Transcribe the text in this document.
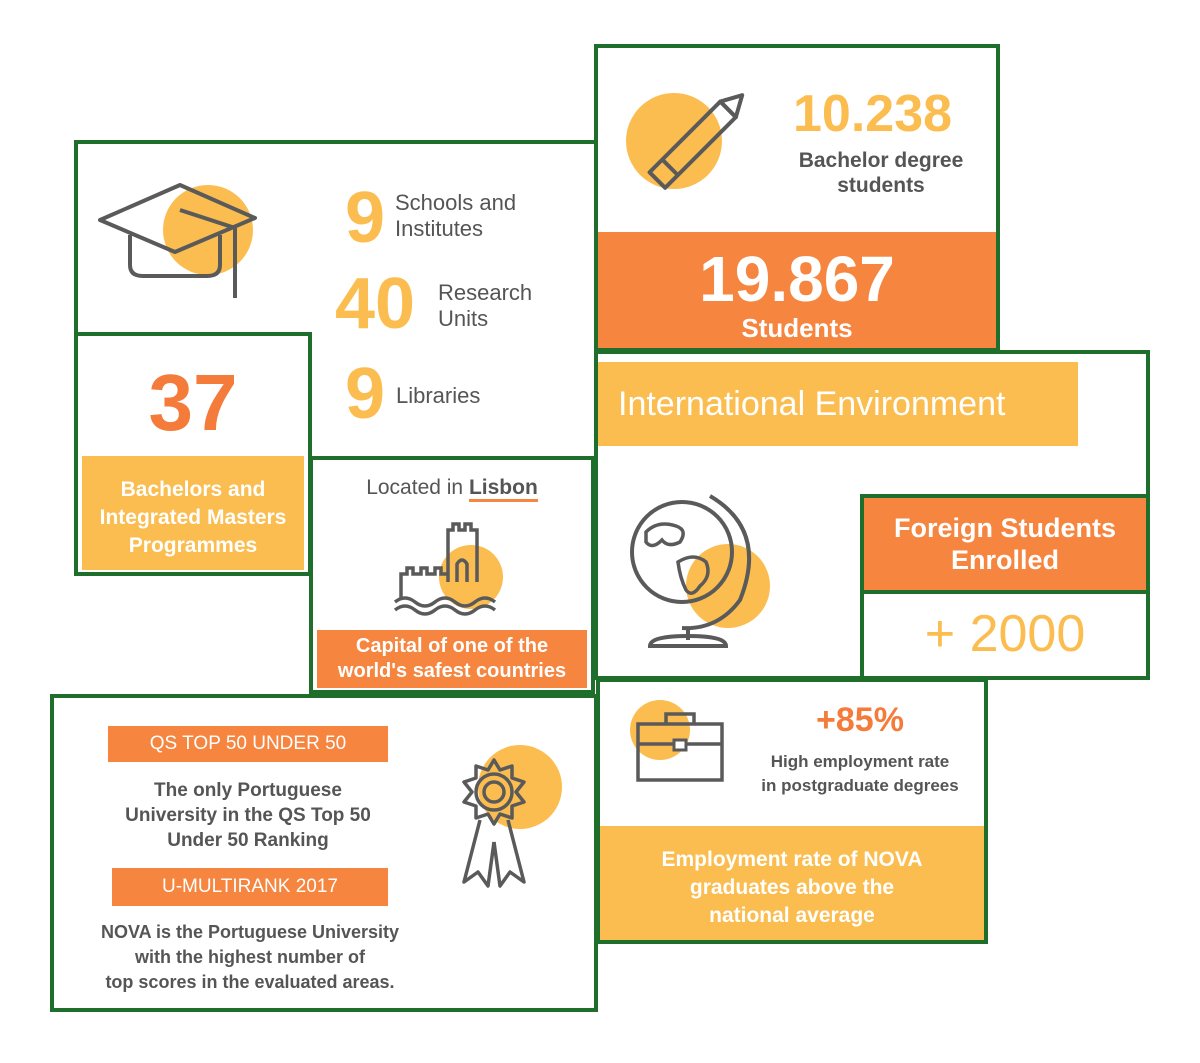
9 Schools and
Institutes
40 Research
Units
9 Libraries
37
Bachelors and
Integrated Masters
Programmes
Located in Lisbon
Capital of one of the
world's safest countries
10.238
Bachelor degree
students
19.867
Students
International Environment
Foreign Students
Enrolled
+ 2000
+85%
High employment rate
in postgraduate degrees
Employment rate of NOVA
graduates above the
national average
QS TOP 50 UNDER 50
The only Portuguese
University in the QS Top 50
Under 50 Ranking
U-MULTIRANK 2017
NOVA is the Portuguese University
with the highest number of
top scores in the evaluated areas.
